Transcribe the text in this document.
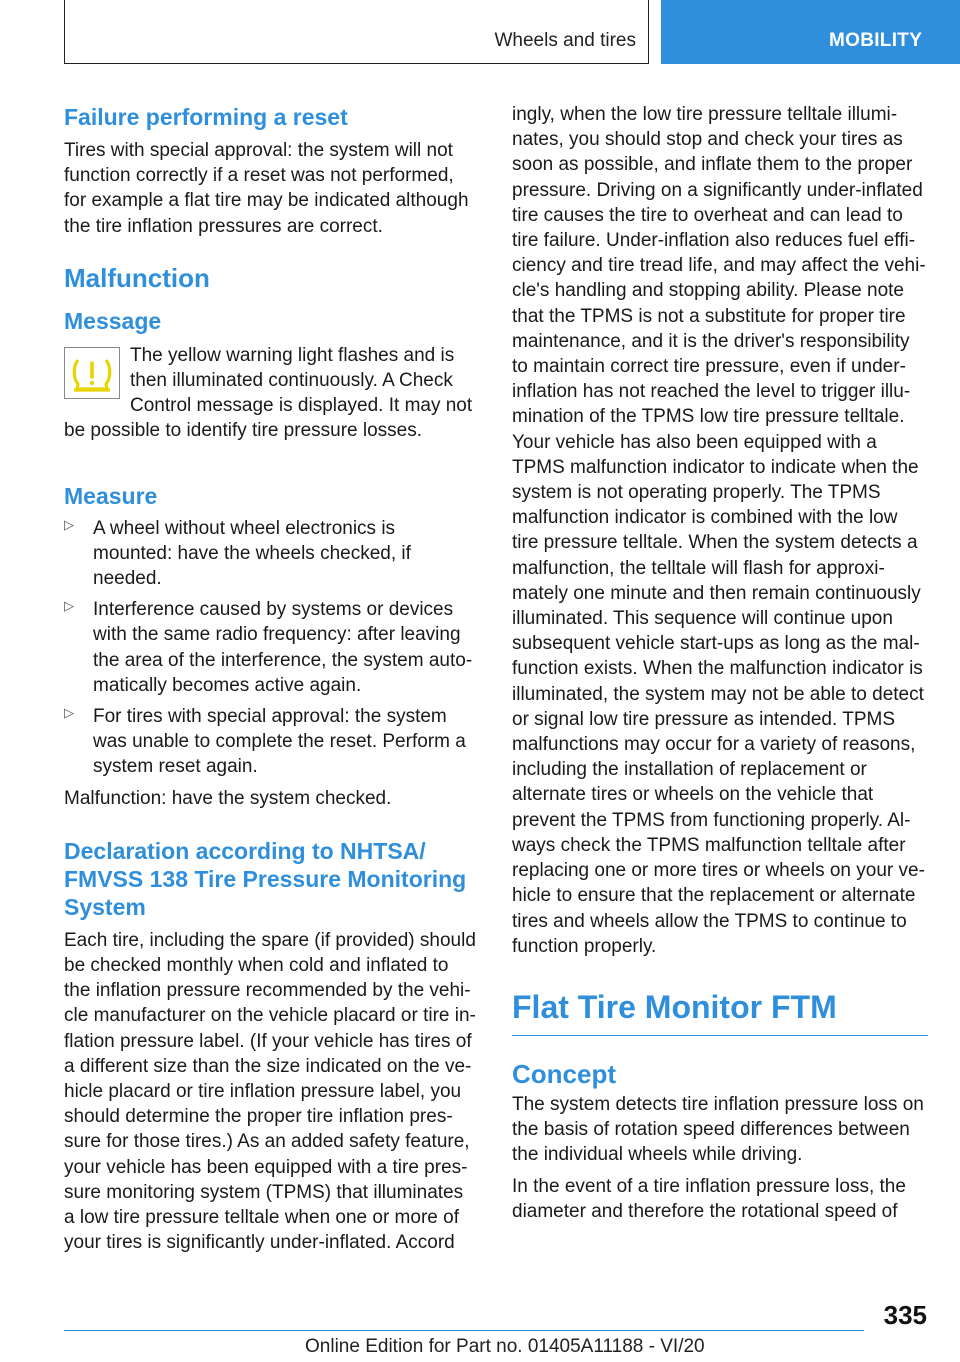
Wheels and tires	MOBILITY
Failure performing a reset

Tires with special approval: the system will not function correctly if a reset was not performed, for example a flat tire may be indicated although the tire inflation pressures are correct.

Malfunction
Message

The yellow warning light flashes and is then illuminated continuously. A Check Control message is displayed. It may not be possible to identify tire pressure losses.

Measure
▷ A wheel without wheel electronics is mounted: have the wheels checked, if needed.

▷ Interference caused by systems or devices with the same radio frequency: after leaving the area of the interference, the system automatically becomes active again.

▷ For tires with special approval: the system was unable to complete the reset. Perform a system reset again.

Malfunction: have the system checked.

Declaration according to NHTSA/ FMVSS 138 Tire Pressure Monitoring System

Each tire, including the spare (if provided) should be checked monthly when cold and inflated to the inflation pressure recommended by the vehicle manufacturer on the vehicle placard or tire inflation pressure label. (If your vehicle has tires of a different size than the size indicated on the vehicle placard or tire inflation pressure label, you should determine the proper tire inflation pressure for those tires.) As an added safety feature, your vehicle has been equipped with a tire pressure monitoring system (TPMS) that illuminates a low tire pressure telltale when one or more of your tires is significantly under-inflated. Accord

ingly, when the low tire pressure telltale illuminates, you should stop and check your tires as soon as possible, and inflate them to the proper pressure. Driving on a significantly under-inflated tire causes the tire to overheat and can lead to tire failure. Under-inflation also reduces fuel efficiency and tire tread life, and may affect the vehicle's handling and stopping ability. Please note that the TPMS is not a substitute for proper tire maintenance, and it is the driver's responsibility to maintain correct tire pressure, even if under-inflation has not reached the level to trigger illumination of the TPMS low tire pressure telltale. Your vehicle has also been equipped with a TPMS malfunction indicator to indicate when the system is not operating properly. The TPMS malfunction indicator is combined with the low tire pressure telltale. When the system detects a malfunction, the telltale will flash for approximately one minute and then remain continuously illuminated. This sequence will continue upon subsequent vehicle start-ups as long as the malfunction exists. When the malfunction indicator is illuminated, the system may not be able to detect or signal low tire pressure as intended. TPMS malfunctions may occur for a variety of reasons, including the installation of replacement or alternate tires or wheels on the vehicle that prevent the TPMS from functioning properly. Always check the TPMS malfunction telltale after replacing one or more tires or wheels on your vehicle to ensure that the replacement or alternate tires and wheels allow the TPMS to continue to function properly.

Flat Tire Monitor FTM
Concept

The system detects tire inflation pressure loss on the basis of rotation speed differences between the individual wheels while driving.

In the event of a tire inflation pressure loss, the diameter and therefore the rotational speed of

335
Online Edition for Part no. 01405A11188 - VI/20
